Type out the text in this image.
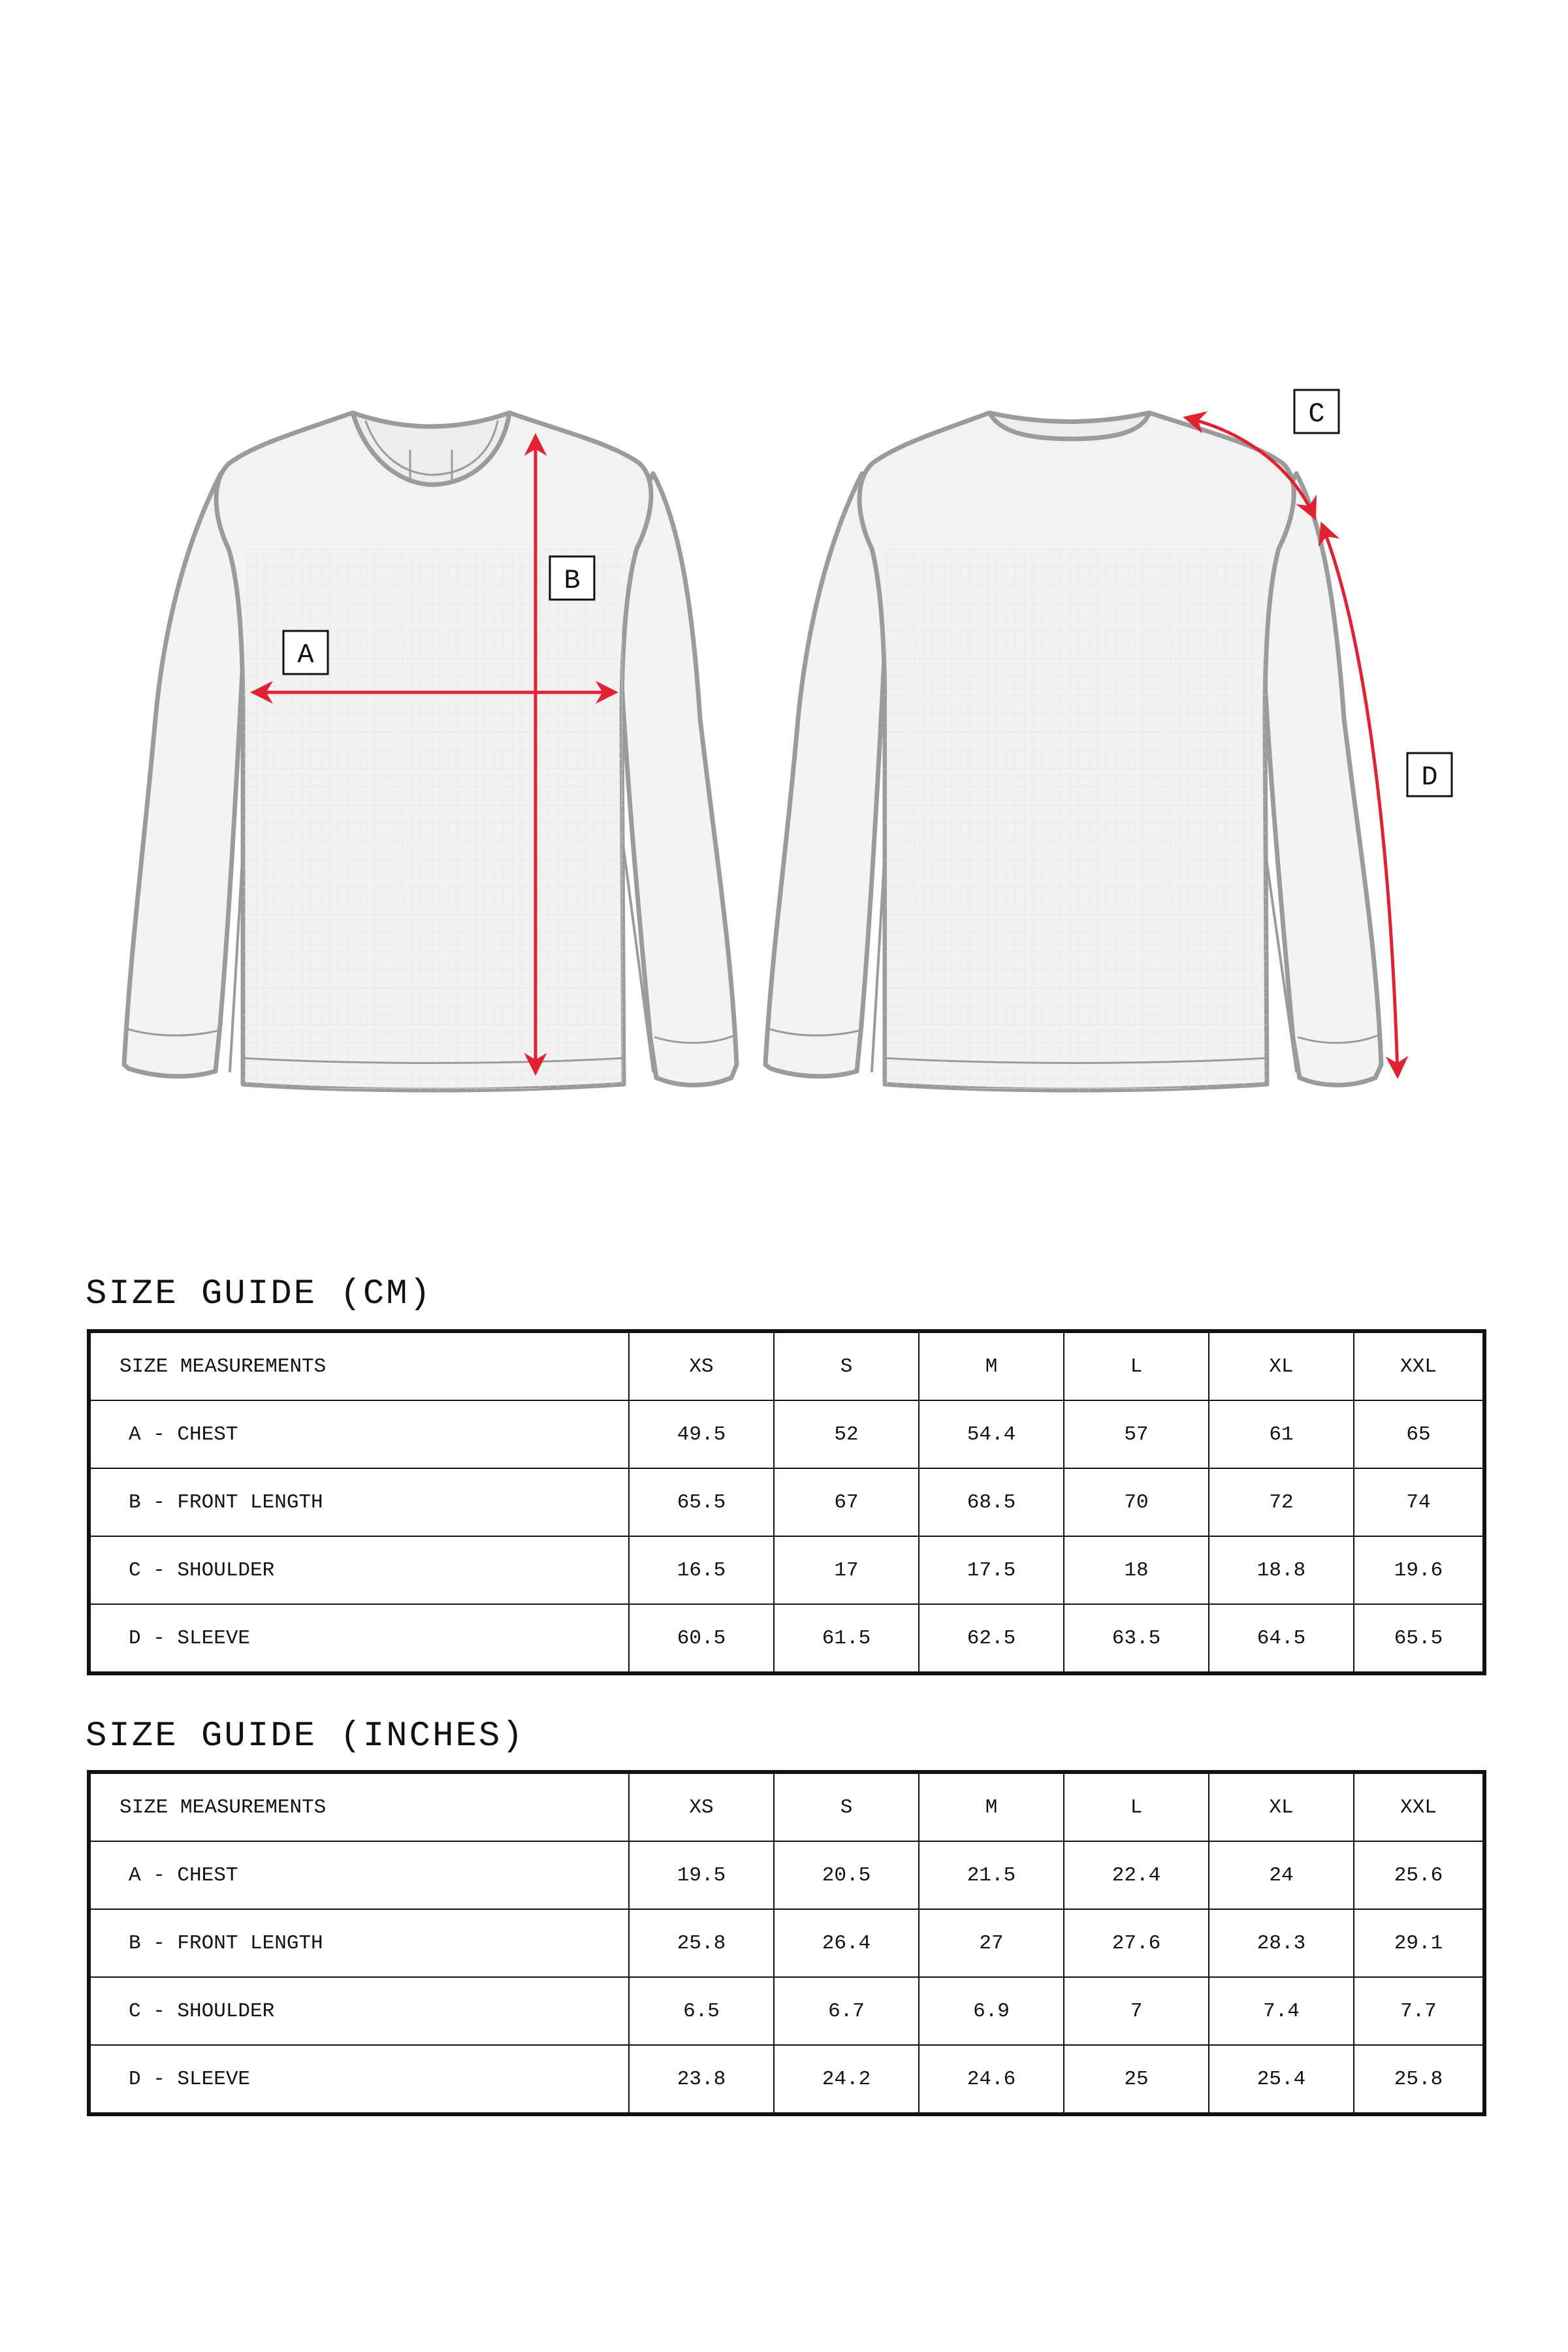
A
B
C
D
SIZE GUIDE (CM)
SIZE MEASUREMENTS	XS	S	M	L	XL	XXL
A - CHEST	49.5	52	54.4	57	61	65
B - FRONT LENGTH	65.5	67	68.5	70	72	74
C - SHOULDER	16.5	17	17.5	18	18.8	19.6
D - SLEEVE	60.5	61.5	62.5	63.5	64.5	65.5
SIZE GUIDE (INCHES)
SIZE MEASUREMENTS	XS	S	M	L	XL	XXL
A - CHEST	19.5	20.5	21.5	22.4	24	25.6
B - FRONT LENGTH	25.8	26.4	27	27.6	28.3	29.1
C - SHOULDER	6.5	6.7	6.9	7	7.4	7.7
D - SLEEVE	23.8	24.2	24.6	25	25.4	25.8
